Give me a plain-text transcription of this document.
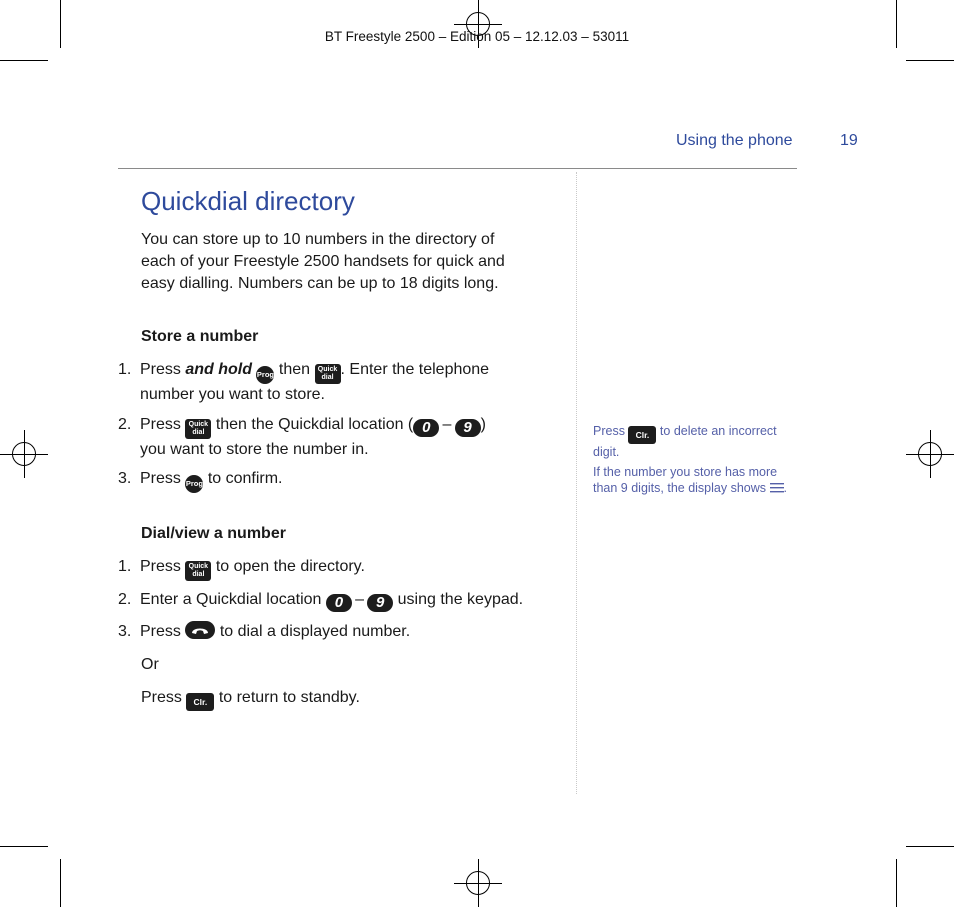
BT Freestyle 2500 – Edition 05 – 12.12.03 – 53011
Using the phone	19
Quickdial directory
You can store up to 10 numbers in the directory of each of your Freestyle 2500 handsets for quick and easy dialling. Numbers can be up to 18 digits long.
Store a number
1. Press and hold Prog then Quick
dial . Enter the telephone
number you want to store.
2. Press Quick
dial then the Quickdial location ( 0  –  9 )
you want to store the number in.
3. Press Prog to confirm.
Dial/view a number
1. Press Quick
dial to open the directory.
2. Enter a Quickdial location 0  –  9 using the keypad.
3. Press to dial a displayed number.
Or
Press Clr. to return to standby.
Press Clr. to delete an incorrect digit.
If the number you store has more than 9 digits, the display shows .
